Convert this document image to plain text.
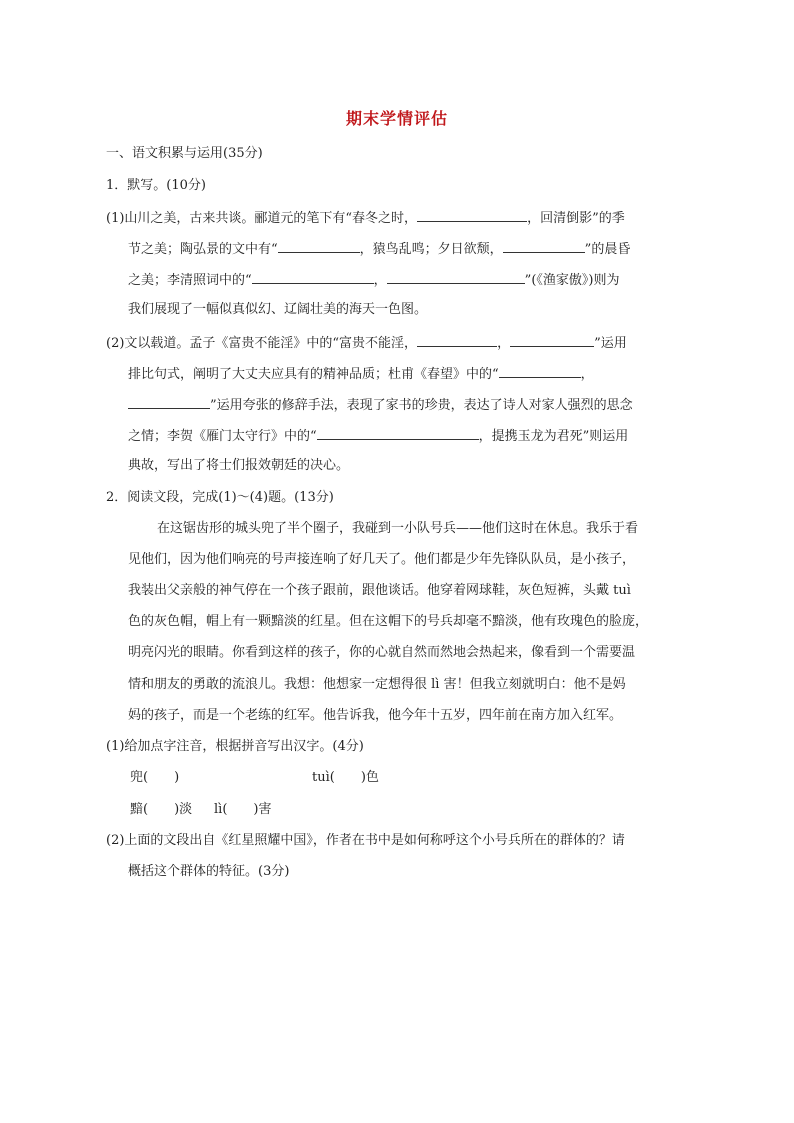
期末学情评估
一、语文积累与运用(35分)
1．默写。(10分)
(1)山川之美，古来共谈。郦道元的笔下有“春冬之时，	，回清倒影”的季
节之美；陶弘景的文中有“	，猿鸟乱鸣；夕日欲颓，	”的晨昏
之美；李清照词中的“	，	”(《渔家傲》)则为
我们展现了一幅似真似幻、辽阔壮美的海天一色图。
(2)文以载道。孟子《富贵不能淫》中的“富贵不能淫，	，	”运用
排比句式，阐明了大丈夫应具有的精神品质；杜甫《春望》中的“	，
”运用夸张的修辞手法，表现了家书的珍贵，表达了诗人对家人强烈的思念
之情；李贺《雁门太守行》中的“	，提携玉龙为君死”则运用
典故，写出了将士们报效朝廷的决心。
2．阅读文段，完成(1)～(4)题。(13分)
在这锯齿形的城头兜了半个圈子，我碰到一小队号兵——他们这时在休息。我乐于看
见他们，因为他们响亮的号声接连响了好几天了。他们都是少年先锋队队员，是小孩子，
我装出父亲般的神气停在一个孩子跟前，跟他谈话。他穿着网球鞋，灰色短裤，头戴 tuì
色的灰色帽，帽上有一颗黯淡的红星。但在这帽下的号兵却毫不黯淡，他有玫瑰色的脸庞，
明亮闪光的眼睛。你看到这样的孩子，你的心就自然而然地会热起来，像看到一个需要温
情和朋友的勇敢的流浪儿。我想：他想家一定想得很 lì 害！但我立刻就明白：他不是妈
妈的孩子，而是一个老练的红军。他告诉我，他今年十五岁，四年前在南方加入红军。
(1)给加点字注音，根据拼音写出汉字。(4分)
兜(　　)	tuì(　　)色
黯(　　)淡 lì(　　)害
(2)上面的文段出自《红星照耀中国》，作者在书中是如何称呼这个小号兵所在的群体的？请
概括这个群体的特征。(3分)
